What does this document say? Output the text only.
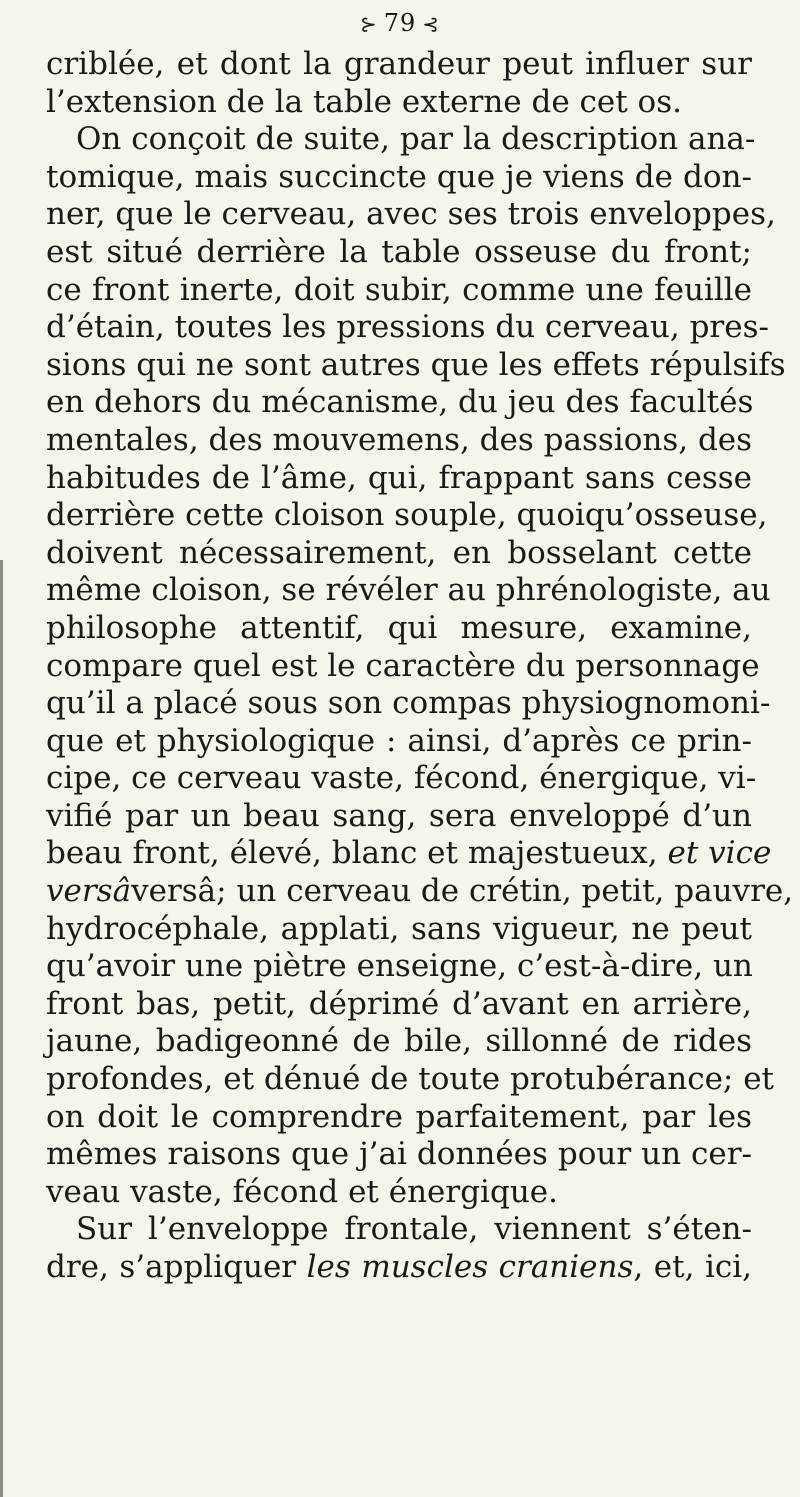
⊱ 79 ⊰
criblée, et dont la grandeur peut influer sur
l’extension de la table externe de cet os.
On conçoit de suite, par la description ana-
tomique, mais succincte que je viens de don-
ner, que le cerveau, avec ses trois enveloppes,
est situé derrière la table osseuse du front;
ce front inerte, doit subir, comme une feuille
d’étain, toutes les pressions du cerveau, pres-
sions qui ne sont autres que les effets répulsifs
en dehors du mécanisme, du jeu des facultés
mentales, des mouvemens, des passions, des
habitudes de l’âme, qui, frappant sans cesse
derrière cette cloison souple, quoiqu’osseuse,
doivent nécessairement, en bosselant cette
même cloison, se révéler au phrénologiste, au
philosophe attentif, qui mesure, examine,
compare quel est le caractère du personnage
qu’il a placé sous son compas physiognomoni-
que et physiologique : ainsi, d’après ce prin-
cipe, ce cerveau vaste, fécond, énergique, vi-
vifié par un beau sang, sera enveloppé d’un
beau front, élevé, blanc et majestueux, et vice
versâversâ; un cerveau de crétin, petit, pauvre,
hydrocéphale, applati, sans vigueur, ne peut
qu’avoir une piètre enseigne, c’est-à-dire, un
front bas, petit, déprimé d’avant en arrière,
jaune, badigeonné de bile, sillonné de rides
profondes, et dénué de toute protubérance; et
on doit le comprendre parfaitement, par les
mêmes raisons que j’ai données pour un cer-
veau vaste, fécond et énergique.
Sur l’enveloppe frontale, viennent s’éten-
dre, s’appliquer les muscles craniens, et, ici,
